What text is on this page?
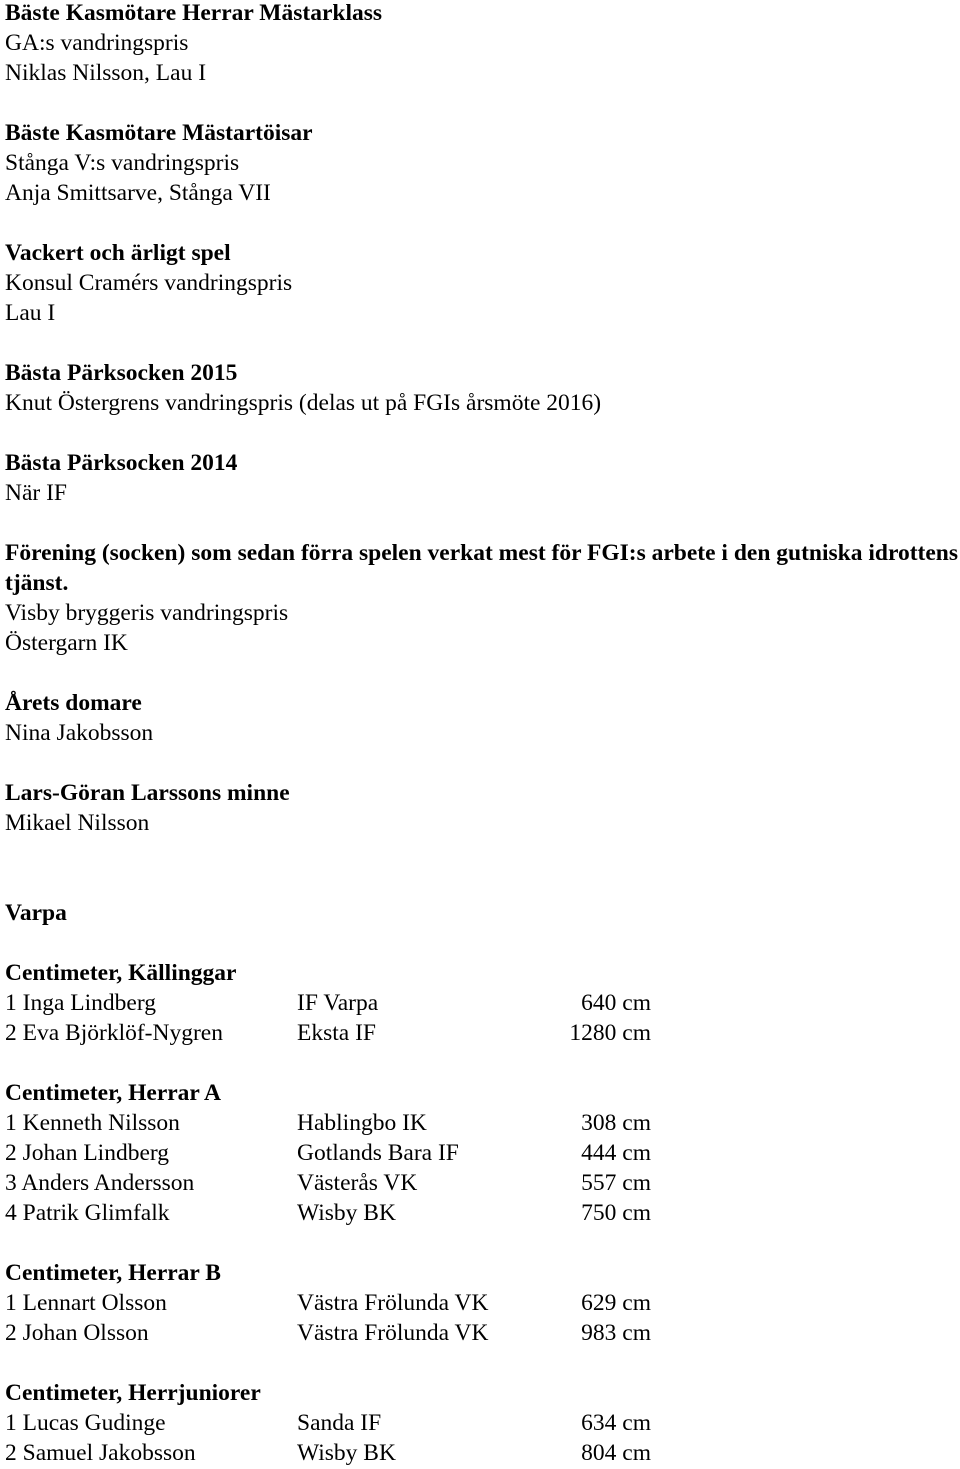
Bäste Kasmötare Herrar Mästarklass
GA:s vandringspris
Niklas Nilsson, Lau I
Bäste Kasmötare Mästartöisar
Stånga V:s vandringspris
Anja Smittsarve, Stånga VII
Vackert och ärligt spel
Konsul Cramérs vandringspris
Lau I
Bästa Pärksocken 2015
Knut Östergrens vandringspris (delas ut på FGIs årsmöte 2016)
Bästa Pärksocken 2014
När IF
Förening (socken) som sedan förra spelen verkat mest för FGI:s arbete i den gutniska idrottens tjänst.
Visby bryggeris vandringspris
Östergarn IK
Årets domare
Nina Jakobsson
Lars-Göran Larssons minne
Mikael Nilsson
Varpa
Centimeter, Källinggar
1 Inga Lindberg	IF Varpa	640 cm
2 Eva Björklöf-Nygren	Eksta IF	1280 cm
Centimeter, Herrar A
1 Kenneth Nilsson	Hablingbo IK	308 cm
2 Johan Lindberg	Gotlands Bara IF	444 cm
3 Anders Andersson	Västerås VK	557 cm
4 Patrik Glimfalk	Wisby BK	750 cm
Centimeter, Herrar B
1 Lennart Olsson	Västra Frölunda VK	629 cm
2 Johan Olsson	Västra Frölunda VK	983 cm
Centimeter, Herrjuniorer
1 Lucas Gudinge	Sanda IF	634 cm
2 Samuel Jakobsson	Wisby BK	804 cm
